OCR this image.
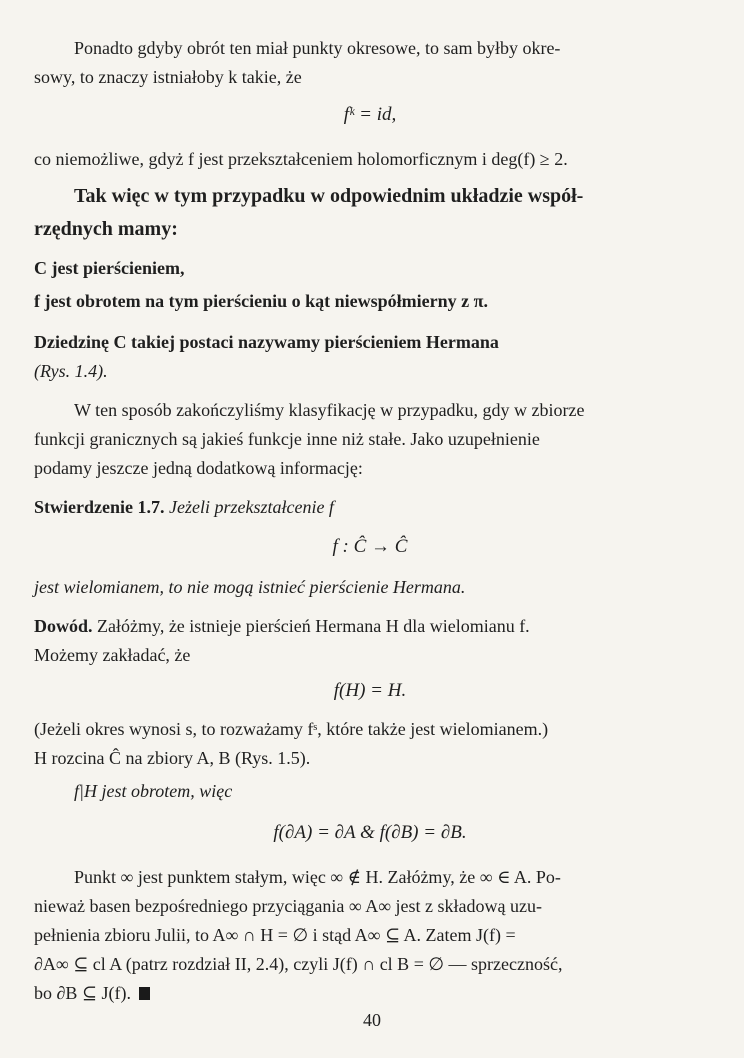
Ponadto gdyby obrót ten miał punkty okresowe, to sam byłby okre-
sowy, to znaczy istniałoby k takie, że

fᵏ = id,

co niemożliwe, gdyż f jest przekształceniem holomorficznym i deg(f) ≥ 2.

Tak więc w tym przypadku w odpowiednim układzie współ-
rzędnych mamy:

C jest pierścieniem,

f jest obrotem na tym pierścieniu o kąt niewspółmierny z π.

Dziedzinę C takiej postaci nazywamy pierścieniem Hermana
(Rys. 1.4).

W ten sposób zakończyliśmy klasyfikację w przypadku, gdy w zbiorze
funkcji granicznych są jakieś funkcje inne niż stałe. Jako uzupełnienie
podamy jeszcze jedną dodatkową informację:

Stwierdzenie 1.7. Jeżeli przekształcenie f

f : Ĉ → Ĉ

jest wielomianem, to nie mogą istnieć pierścienie Hermana.

Dowód. Załóżmy, że istnieje pierścień Hermana H dla wielomianu f.
Możemy zakładać, że

f(H) = H.

(Jeżeli okres wynosi s, to rozważamy fˢ, które także jest wielomianem.)
H rozcina Ĉ na zbiory A, B (Rys. 1.5).

f|H jest obrotem, więc

f(∂A) = ∂A & f(∂B) = ∂B.

Punkt ∞ jest punktem stałym, więc ∞ ∉ H. Załóżmy, że ∞ ∈ A. Po-
nieważ basen bezpośredniego przyciągania ∞ A∞ jest z składową uzu-
pełnienia zbioru Julii, to A∞ ∩ H = ∅ i stąd A∞ ⊆ A. Zatem J(f) =
∂A∞ ⊆ cl A (patrz rozdział II, 2.4), czyli J(f) ∩ cl B = ∅ — sprzeczność,
bo ∂B ⊆ J(f).

40
